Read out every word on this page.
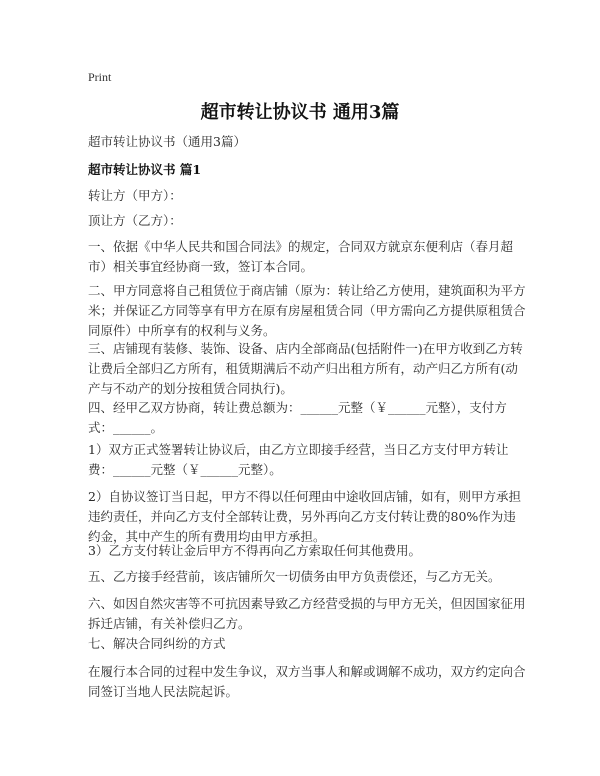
Print
超市转让协议书 通用3篇

超市转让协议书（通用3篇）

超市转让协议书 篇1

转让方（甲方）：

顶让方（乙方）：

一、依据《中华人民共和国合同法》的规定，合同双方就京东便利店（春月超市）相关事宜经协商一致，签订本合同。

二、甲方同意将自己租赁位于商店铺（原为：转让给乙方使用，建筑面积为平方米；并保证乙方同等享有甲方在原有房屋租赁合同（甲方需向乙方提供原租赁合同原件）中所享有的权利与义务。

三、店铺现有装修、装饰、设备、店内全部商品(包括附件一)在甲方收到乙方转让费后全部归乙方所有，租赁期满后不动产归出租方所有，动产归乙方所有(动产与不动产的划分按租赁合同执行)。

四、经甲乙双方协商，转让费总额为：______元整（￥______元整），支付方式：______。

1）双方正式签署转让协议后，由乙方立即接手经营，当日乙方支付甲方转让费：______元整（￥______元整）。

2）自协议签订当日起，甲方不得以任何理由中途收回店铺，如有，则甲方承担违约责任，并向乙方支付全部转让费，另外再向乙方支付转让费的80%作为违约金，其中产生的所有费用均由甲方承担。

3）乙方支付转让金后甲方不得再向乙方索取任何其他费用。

五、乙方接手经营前，该店铺所欠一切债务由甲方负责偿还，与乙方无关。

六、如因自然灾害等不可抗因素导致乙方经营受损的与甲方无关，但因国家征用拆迁店铺，有关补偿归乙方。

七、解决合同纠纷的方式

在履行本合同的过程中发生争议，双方当事人和解或调解不成功，双方约定向合同签订当地人民法院起诉。
